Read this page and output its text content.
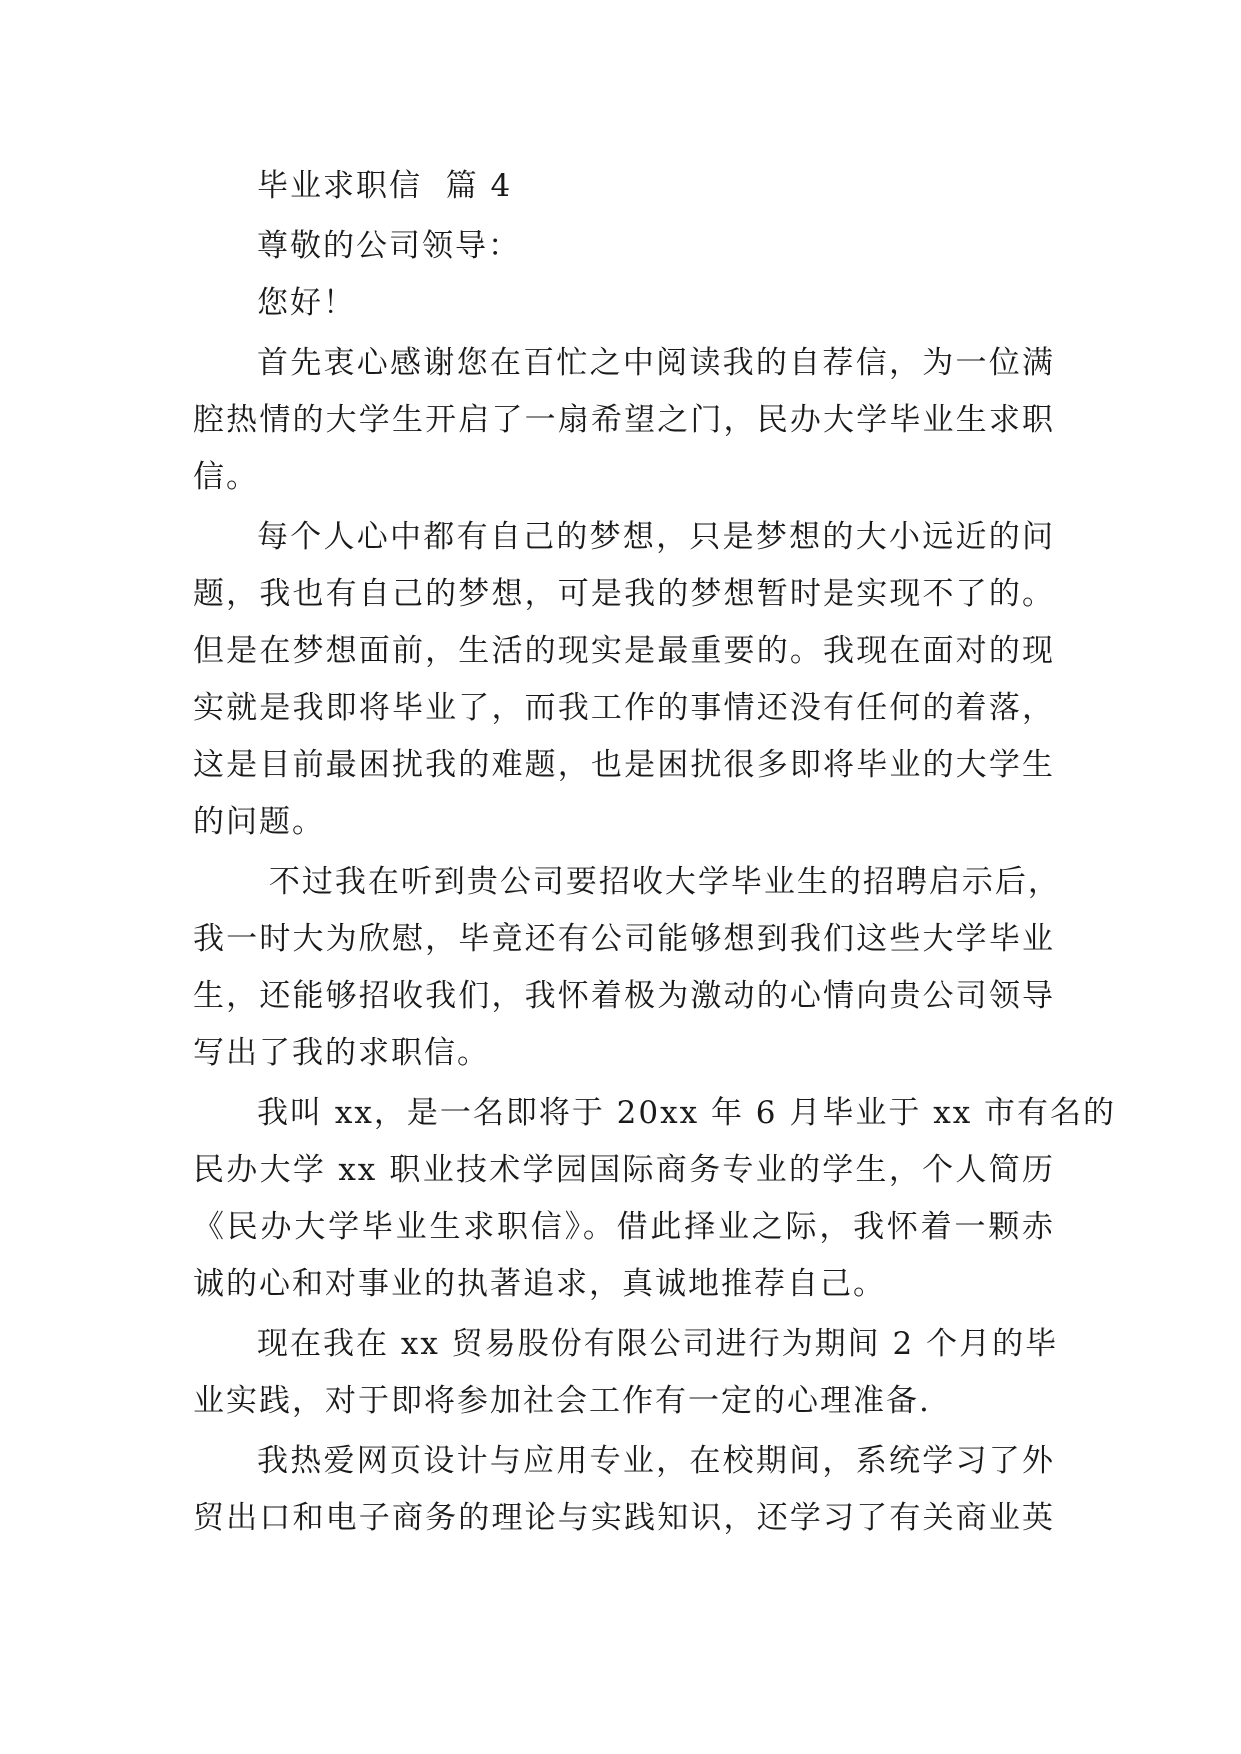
毕业求职信  篇 4
尊敬的公司领导：
您好！
首先衷心感谢您在百忙之中阅读我的自荐信，为一位满
腔热情的大学生开启了一扇希望之门，民办大学毕业生求职
信。
每个人心中都有自己的梦想，只是梦想的大小远近的问
题，我也有自己的梦想，可是我的梦想暂时是实现不了的。
但是在梦想面前，生活的现实是最重要的。我现在面对的现
实就是我即将毕业了，而我工作的事情还没有任何的着落，
这是目前最困扰我的难题，也是困扰很多即将毕业的大学生
的问题。
不过我在听到贵公司要招收大学毕业生的招聘启示后，
我一时大为欣慰，毕竟还有公司能够想到我们这些大学毕业
生，还能够招收我们，我怀着极为激动的心情向贵公司领导
写出了我的求职信。
我叫 xx，是一名即将于 20xx 年 6 月毕业于 xx 市有名的
民办大学 xx 职业技术学园国际商务专业的学生，个人简历
《民办大学毕业生求职信》。借此择业之际，我怀着一颗赤
诚的心和对事业的执著追求，真诚地推荐自己。
现在我在 xx 贸易股份有限公司进行为期间 2 个月的毕
业实践，对于即将参加社会工作有一定的心理准备.
我热爱网页设计与应用专业，在校期间，系统学习了外
贸出口和电子商务的理论与实践知识，还学习了有关商业英
